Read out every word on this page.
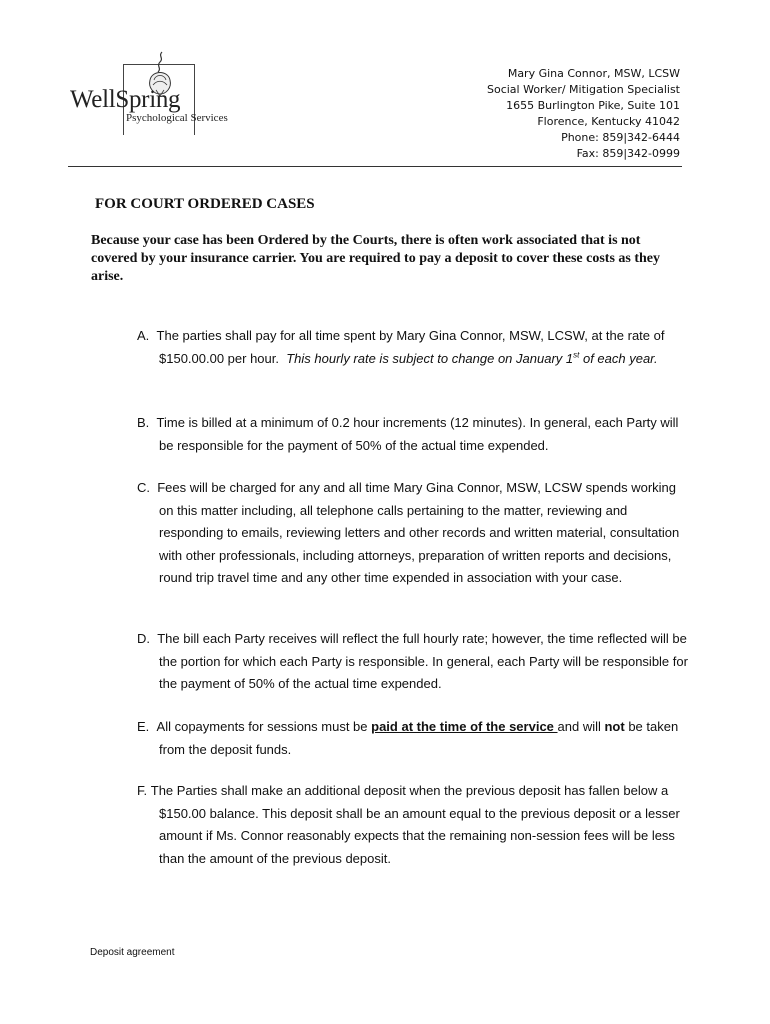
WellSpring
Psychological Services
Mary Gina Connor, MSW, LCSW
Social Worker/ Mitigation Specialist
1655 Burlington Pike, Suite 101
Florence, Kentucky 41042
Phone: 859|342-6444
Fax: 859|342-0999
FOR COURT ORDERED CASES
Because your case has been Ordered by the Courts, there is often work associated that is not covered by your insurance carrier. You are required to pay a deposit to cover these costs as they arise.
A. The parties shall pay for all time spent by Mary Gina Connor, MSW, LCSW, at the rate of $150.00.00 per hour. This hourly rate is subject to change on January 1st of each year.
B. Time is billed at a minimum of 0.2 hour increments (12 minutes). In general, each Party will be responsible for the payment of 50% of the actual time expended.
C. Fees will be charged for any and all time Mary Gina Connor, MSW, LCSW spends working on this matter including, all telephone calls pertaining to the matter, reviewing and responding to emails, reviewing letters and other records and written material, consultation with other professionals, including attorneys, preparation of written reports and decisions, round trip travel time and any other time expended in association with your case.
D. The bill each Party receives will reflect the full hourly rate; however, the time reflected will be the portion for which each Party is responsible. In general, each Party will be responsible for the payment of 50% of the actual time expended.
E. All copayments for sessions must be paid at the time of the service and will not be taken from the deposit funds.
F. The Parties shall make an additional deposit when the previous deposit has fallen below a $150.00 balance. This deposit shall be an amount equal to the previous deposit or a lesser amount if Ms. Connor reasonably expects that the remaining non-session fees will be less than the amount of the previous deposit.
Deposit agreement
